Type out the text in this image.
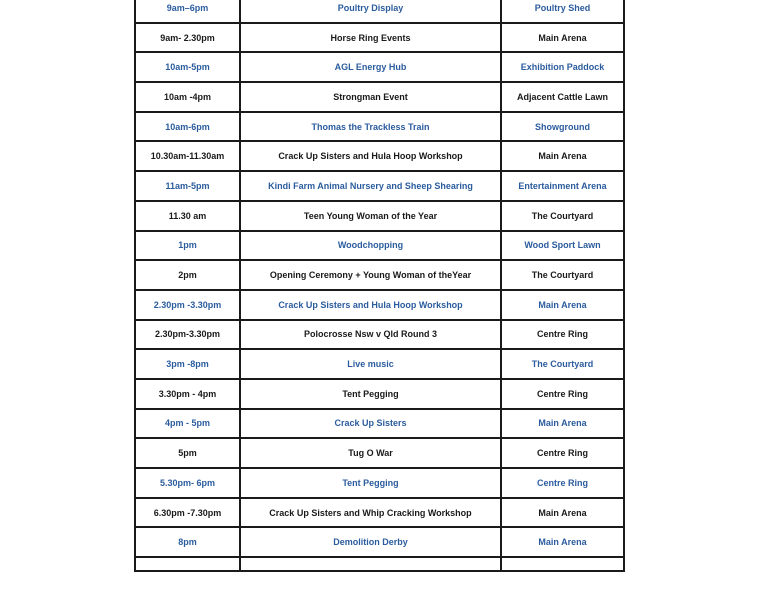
9am–6pm	Poultry Display	Poultry Shed
9am- 2.30pm	Horse Ring Events	Main Arena
10am-5pm	AGL Energy Hub	Exhibition Paddock
10am -4pm	Strongman Event	Adjacent Cattle Lawn
10am-6pm	Thomas the Trackless Train	Showground
10.30am-11.30am	Crack Up Sisters and Hula Hoop Workshop	Main Arena
11am-5pm	Kindi Farm Animal Nursery and Sheep Shearing	Entertainment Arena
11.30 am	Teen Young Woman of the Year	The Courtyard
1pm	Woodchopping	Wood Sport Lawn
2pm	Opening Ceremony + Young Woman of theYear	The Courtyard
2.30pm -3.30pm	Crack Up Sisters and Hula Hoop Workshop	Main Arena
2.30pm-3.30pm	Polocrosse Nsw v Qld Round 3	Centre Ring
3pm -8pm	Live music	The Courtyard
3.30pm - 4pm	Tent Pegging	Centre Ring
4pm - 5pm	Crack Up Sisters	Main Arena
5pm	Tug O War	Centre Ring
5.30pm- 6pm	Tent Pegging	Centre Ring
6.30pm -7.30pm	Crack Up Sisters and Whip Cracking Workshop	Main Arena
8pm	Demolition Derby	Main Arena
